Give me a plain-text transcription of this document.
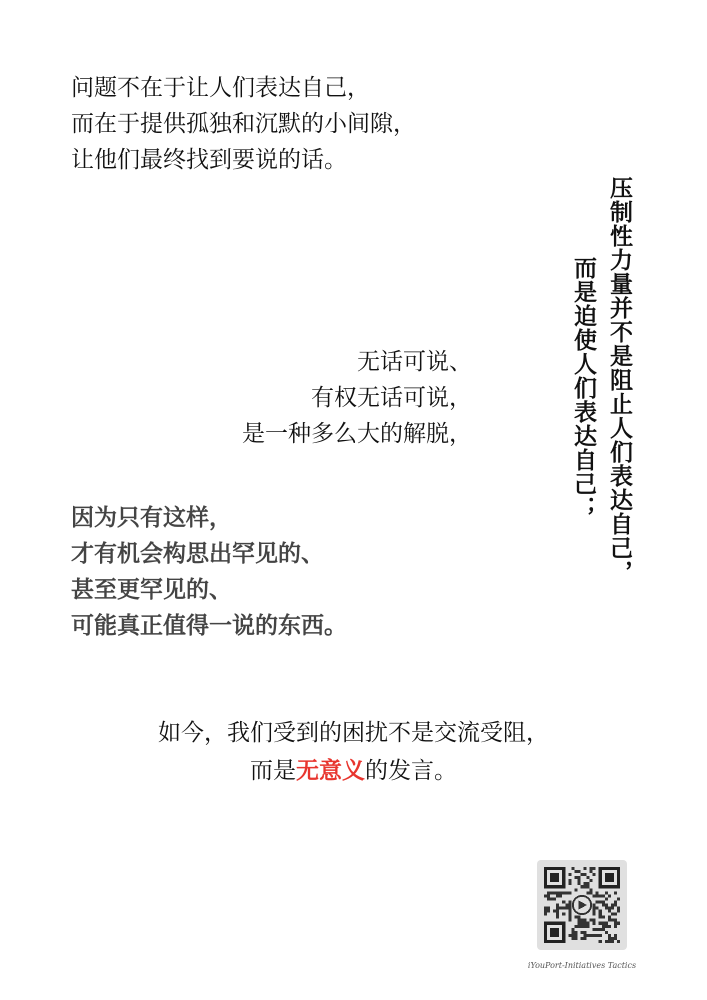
问题不在于让人们表达自己，
而在于提供孤独和沉默的小间隙，
让他们最终找到要说的话。
压制性力量并不是阻止人们表达自己，
而是迫使人们表达自己；
无话可说、
有权无话可说，
是一种多么大的解脱，
因为只有这样，
才有机会构思出罕见的、
甚至更罕见的、
可能真正值得一说的东西。
如今，我们受到的困扰不是交流受阻，
而是无意义的发言。
iYouPort-Initiatives Tactics
